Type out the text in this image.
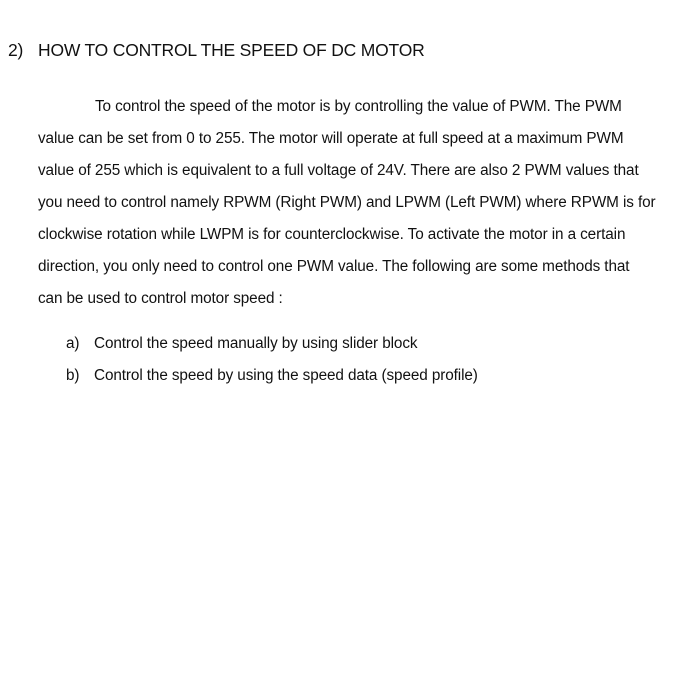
2) HOW TO CONTROL THE SPEED OF DC MOTOR
To control the speed of the motor is by controlling the value of PWM. The PWM
value can be set from 0 to 255. The motor will operate at full speed at a maximum PWM
value of 255 which is equivalent to a full voltage of 24V. There are also 2 PWM values that
you need to control namely RPWM (Right PWM) and LPWM (Left PWM) where RPWM is for
clockwise rotation while LWPM is for counterclockwise. To activate the motor in a certain
direction, you only need to control one PWM value. The following are some methods that
can be used to control motor speed :
a) Control the speed manually by using slider block
b) Control the speed by using the speed data (speed profile)
